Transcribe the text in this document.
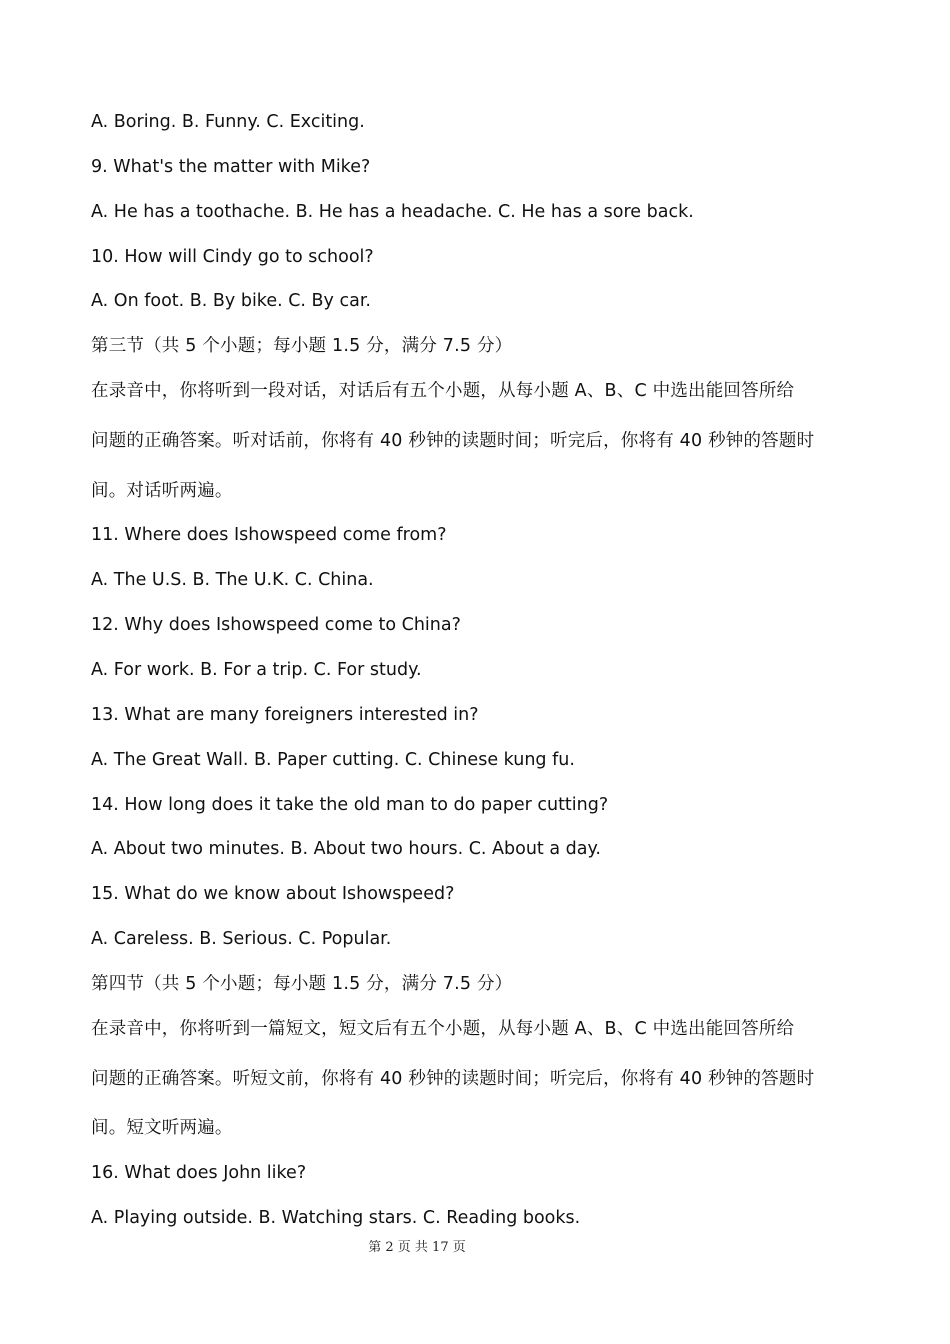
A. Boring. B. Funny. C. Exciting.
9. What's the matter with Mike?
A. He has a toothache. B. He has a headache. C. He has a sore back.
10. How will Cindy go to school?
A. On foot. B. By bike. C. By car.
第三节（共 5 个小题；每小题 1.5 分，满分 7.5 分）
在录音中，你将听到一段对话，对话后有五个小题，从每小题 A、B、C 中选出能回答所给
问题的正确答案。听对话前，你将有 40 秒钟的读题时间；听完后，你将有 40 秒钟的答题时
间。对话听两遍。
11. Where does Ishowspeed come from?
A. The U.S. B. The U.K. C. China.
12. Why does Ishowspeed come to China?
A. For work. B. For a trip. C. For study.
13. What are many foreigners interested in?
A. The Great Wall. B. Paper cutting. C. Chinese kung fu.
14. How long does it take the old man to do paper cutting?
A. About two minutes. B. About two hours. C. About a day.
15. What do we know about Ishowspeed?
A. Careless. B. Serious. C. Popular.
第四节（共 5 个小题；每小题 1.5 分，满分 7.5 分）
在录音中，你将听到一篇短文，短文后有五个小题，从每小题 A、B、C 中选出能回答所给
问题的正确答案。听短文前，你将有 40 秒钟的读题时间；听完后，你将有 40 秒钟的答题时
间。短文听两遍。
16. What does John like?
A. Playing outside. B. Watching stars. C. Reading books.
第 2 页 共 17 页
